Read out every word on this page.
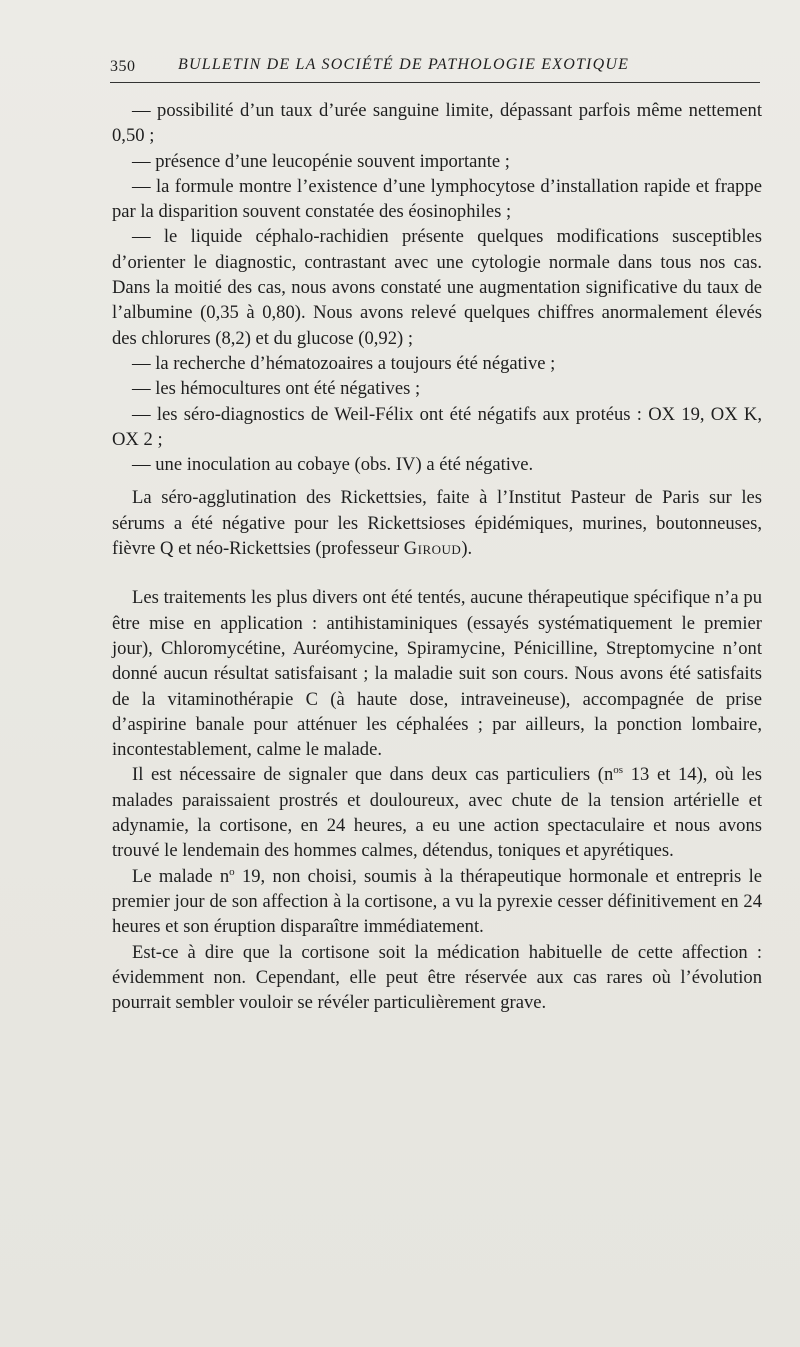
350	BULLETIN DE LA SOCIÉTÉ DE PATHOLOGIE EXOTIQUE

— possibilité d’un taux d’urée sanguine limite, dépassant parfois même nettement 0,50 ;

— présence d’une leucopénie souvent importante ;

— la formule montre l’existence d’une lymphocytose d’installation rapide et frappe par la disparition souvent constatée des éosinophiles ;

— le liquide céphalo-rachidien présente quelques modifications susceptibles d’orienter le diagnostic, contrastant avec une cytologie normale dans tous nos cas. Dans la moitié des cas, nous avons constaté une augmentation significative du taux de l’albumine (0,35 à 0,80). Nous avons relevé quelques chiffres anormalement élevés des chlorures (8,2) et du glucose (0,92) ;

— la recherche d’hématozoaires a toujours été négative ;

— les hémocultures ont été négatives ;

— les séro-diagnostics de Weil-Félix ont été négatifs aux protéus : OX 19, OX K, OX 2 ;

— une inoculation au cobaye (obs. IV) a été négative.

La séro-agglutination des Rickettsies, faite à l’Institut Pasteur de Paris sur les sérums a été négative pour les Rickettsioses épidémiques, murines, boutonneuses, fièvre Q et néo-Rickettsies (professeur Giroud).

Les traitements les plus divers ont été tentés, aucune thérapeutique spécifique n’a pu être mise en application : antihistaminiques (essayés systématiquement le premier jour), Chloromycétine, Auréomycine, Spiramycine, Pénicilline, Streptomycine n’ont donné aucun résultat satisfaisant ; la maladie suit son cours. Nous avons été satisfaits de la vitaminothérapie C (à haute dose, intraveineuse), accompagnée de prise d’aspirine banale pour atténuer les céphalées ; par ailleurs, la ponction lombaire, incontestablement, calme le malade.

Il est nécessaire de signaler que dans deux cas particuliers ($n^{os}$ 13 et 14), où les malades paraissaient prostrés et douloureux, avec chute de la tension artérielle et adynamie, la cortisone, en 24 heures, a eu une action spectaculaire et nous avons trouvé le lendemain des hommes calmes, détendus, toniques et apyrétiques.

Le malade $n^o$ 19, non choisi, soumis à la thérapeutique hormonale et entrepris le premier jour de son affection à la cortisone, a vu la pyrexie cesser définitivement en 24 heures et son éruption disparaître immédiatement.

Est-ce à dire que la cortisone soit la médication habituelle de cette affection : évidemment non. Cependant, elle peut être réservée aux cas rares où l’évolution pourrait sembler vouloir se révéler particulièrement grave.
